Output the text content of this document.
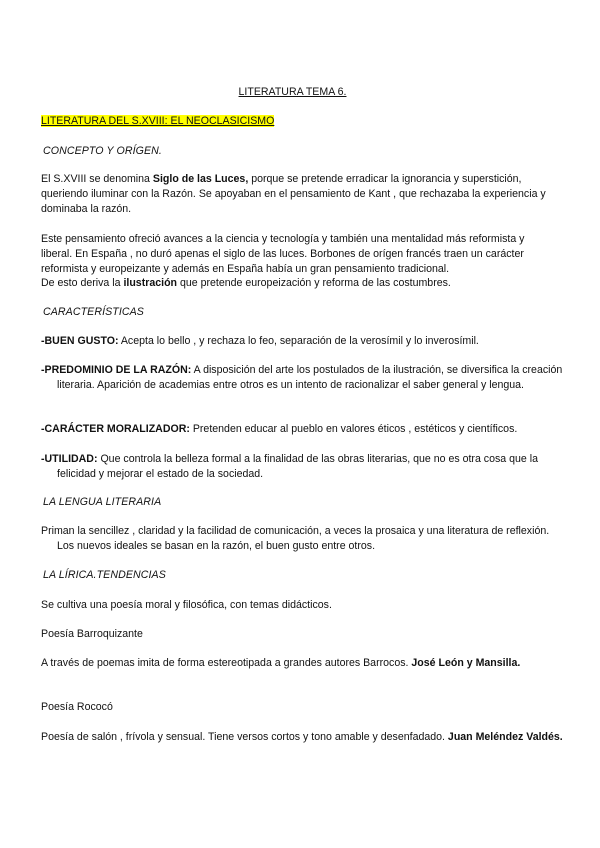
LITERATURA TEMA 6.
LITERATURA DEL S.XVIII: EL NEOCLASICISMO
CONCEPTO Y ORÍGEN.

El S.XVIII se denomina Siglo de las Luces, porque se pretende erradicar la ignorancia y superstición, queriendo iluminar con la Razón. Se apoyaban en el pensamiento de Kant , que rechazaba la experiencia y dominaba la razón.

Este pensamiento ofreció avances a la ciencia y tecnología y también una mentalidad más reformista y liberal. En España , no duró apenas el siglo de las luces. Borbones de orígen francés traen un carácter reformista y europeizante y además en España había un gran pensamiento tradicional.

De esto deriva la ilustración que pretende europeización y reforma de las costumbres.

CARACTERÍSTICAS

-BUEN GUSTO: Acepta lo bello , y rechaza lo feo, separación de la verosímil y lo inverosímil.

-PREDOMINIO DE LA RAZÓN: A disposición del arte los postulados de la ilustración, se diversifica la creación literaria. Aparición de academias entre otros es un intento de racionalizar el saber general y lengua.

-CARÁCTER MORALIZADOR: Pretenden educar al pueblo en valores éticos , estéticos y científicos.

-UTILIDAD: Que controla la belleza formal a la finalidad de las obras literarias, que no es otra cosa que la felicidad y mejorar el estado de la sociedad.

LA LENGUA LITERARIA

Priman la sencillez , claridad y la facilidad de comunicación, a veces la prosaica y una literatura de reflexión. Los nuevos ideales se basan en la razón, el buen gusto entre otros.

LA LÍRICA.TENDENCIAS

Se cultiva una poesía moral y filosófica, con temas didácticos.

Poesía Barroquizante

A través de poemas imita de forma estereotipada a grandes autores Barrocos. José León y Mansilla.

Poesía Rococó

Poesía de salón , frívola y sensual. Tiene versos cortos y tono amable y desenfadado. Juan Meléndez Valdés.
